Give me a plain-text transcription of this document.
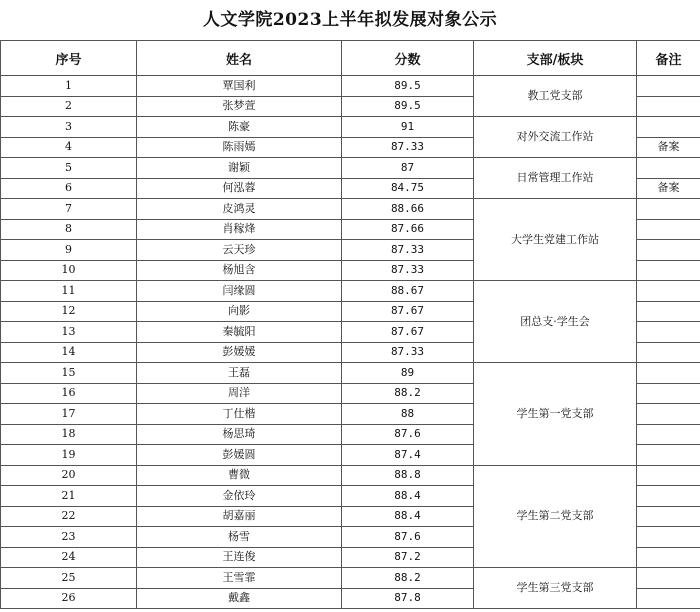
人文学院2023上半年拟发展对象公示
序号	姓名	分数	支部/板块	备注
1	覃国利	89.5	教工党支部	
2	张梦萱	89.5		
3	陈豪	91	对外交流工作站	
4	陈雨嫣	87.33		备案
5	谢颖	87	日常管理工作站	
6	何泓蓉	84.75		备案
7	皮鸿灵	88.66	大学生党建工作站	
8	肖稼烽	87.66		
9	云天珍	87.33		
10	杨旭含	87.33		
11	闫缘圆	88.67	团总支·学生会	
12	向影	87.67		
13	秦毓阳	87.67		
14	彭媛媛	87.33		
15	王磊	89	学生第一党支部	
16	周洋	88.2		
17	丁仕楷	88		
18	杨思琦	87.6		
19	彭媛圆	87.4		
20	曹微	88.8	学生第二党支部	
21	金依玲	88.4		
22	胡嘉丽	88.4		
23	杨雪	87.6		
24	王连俊	87.2		
25	王雪霏	88.2	学生第三党支部	
26	戴鑫	87.8		
